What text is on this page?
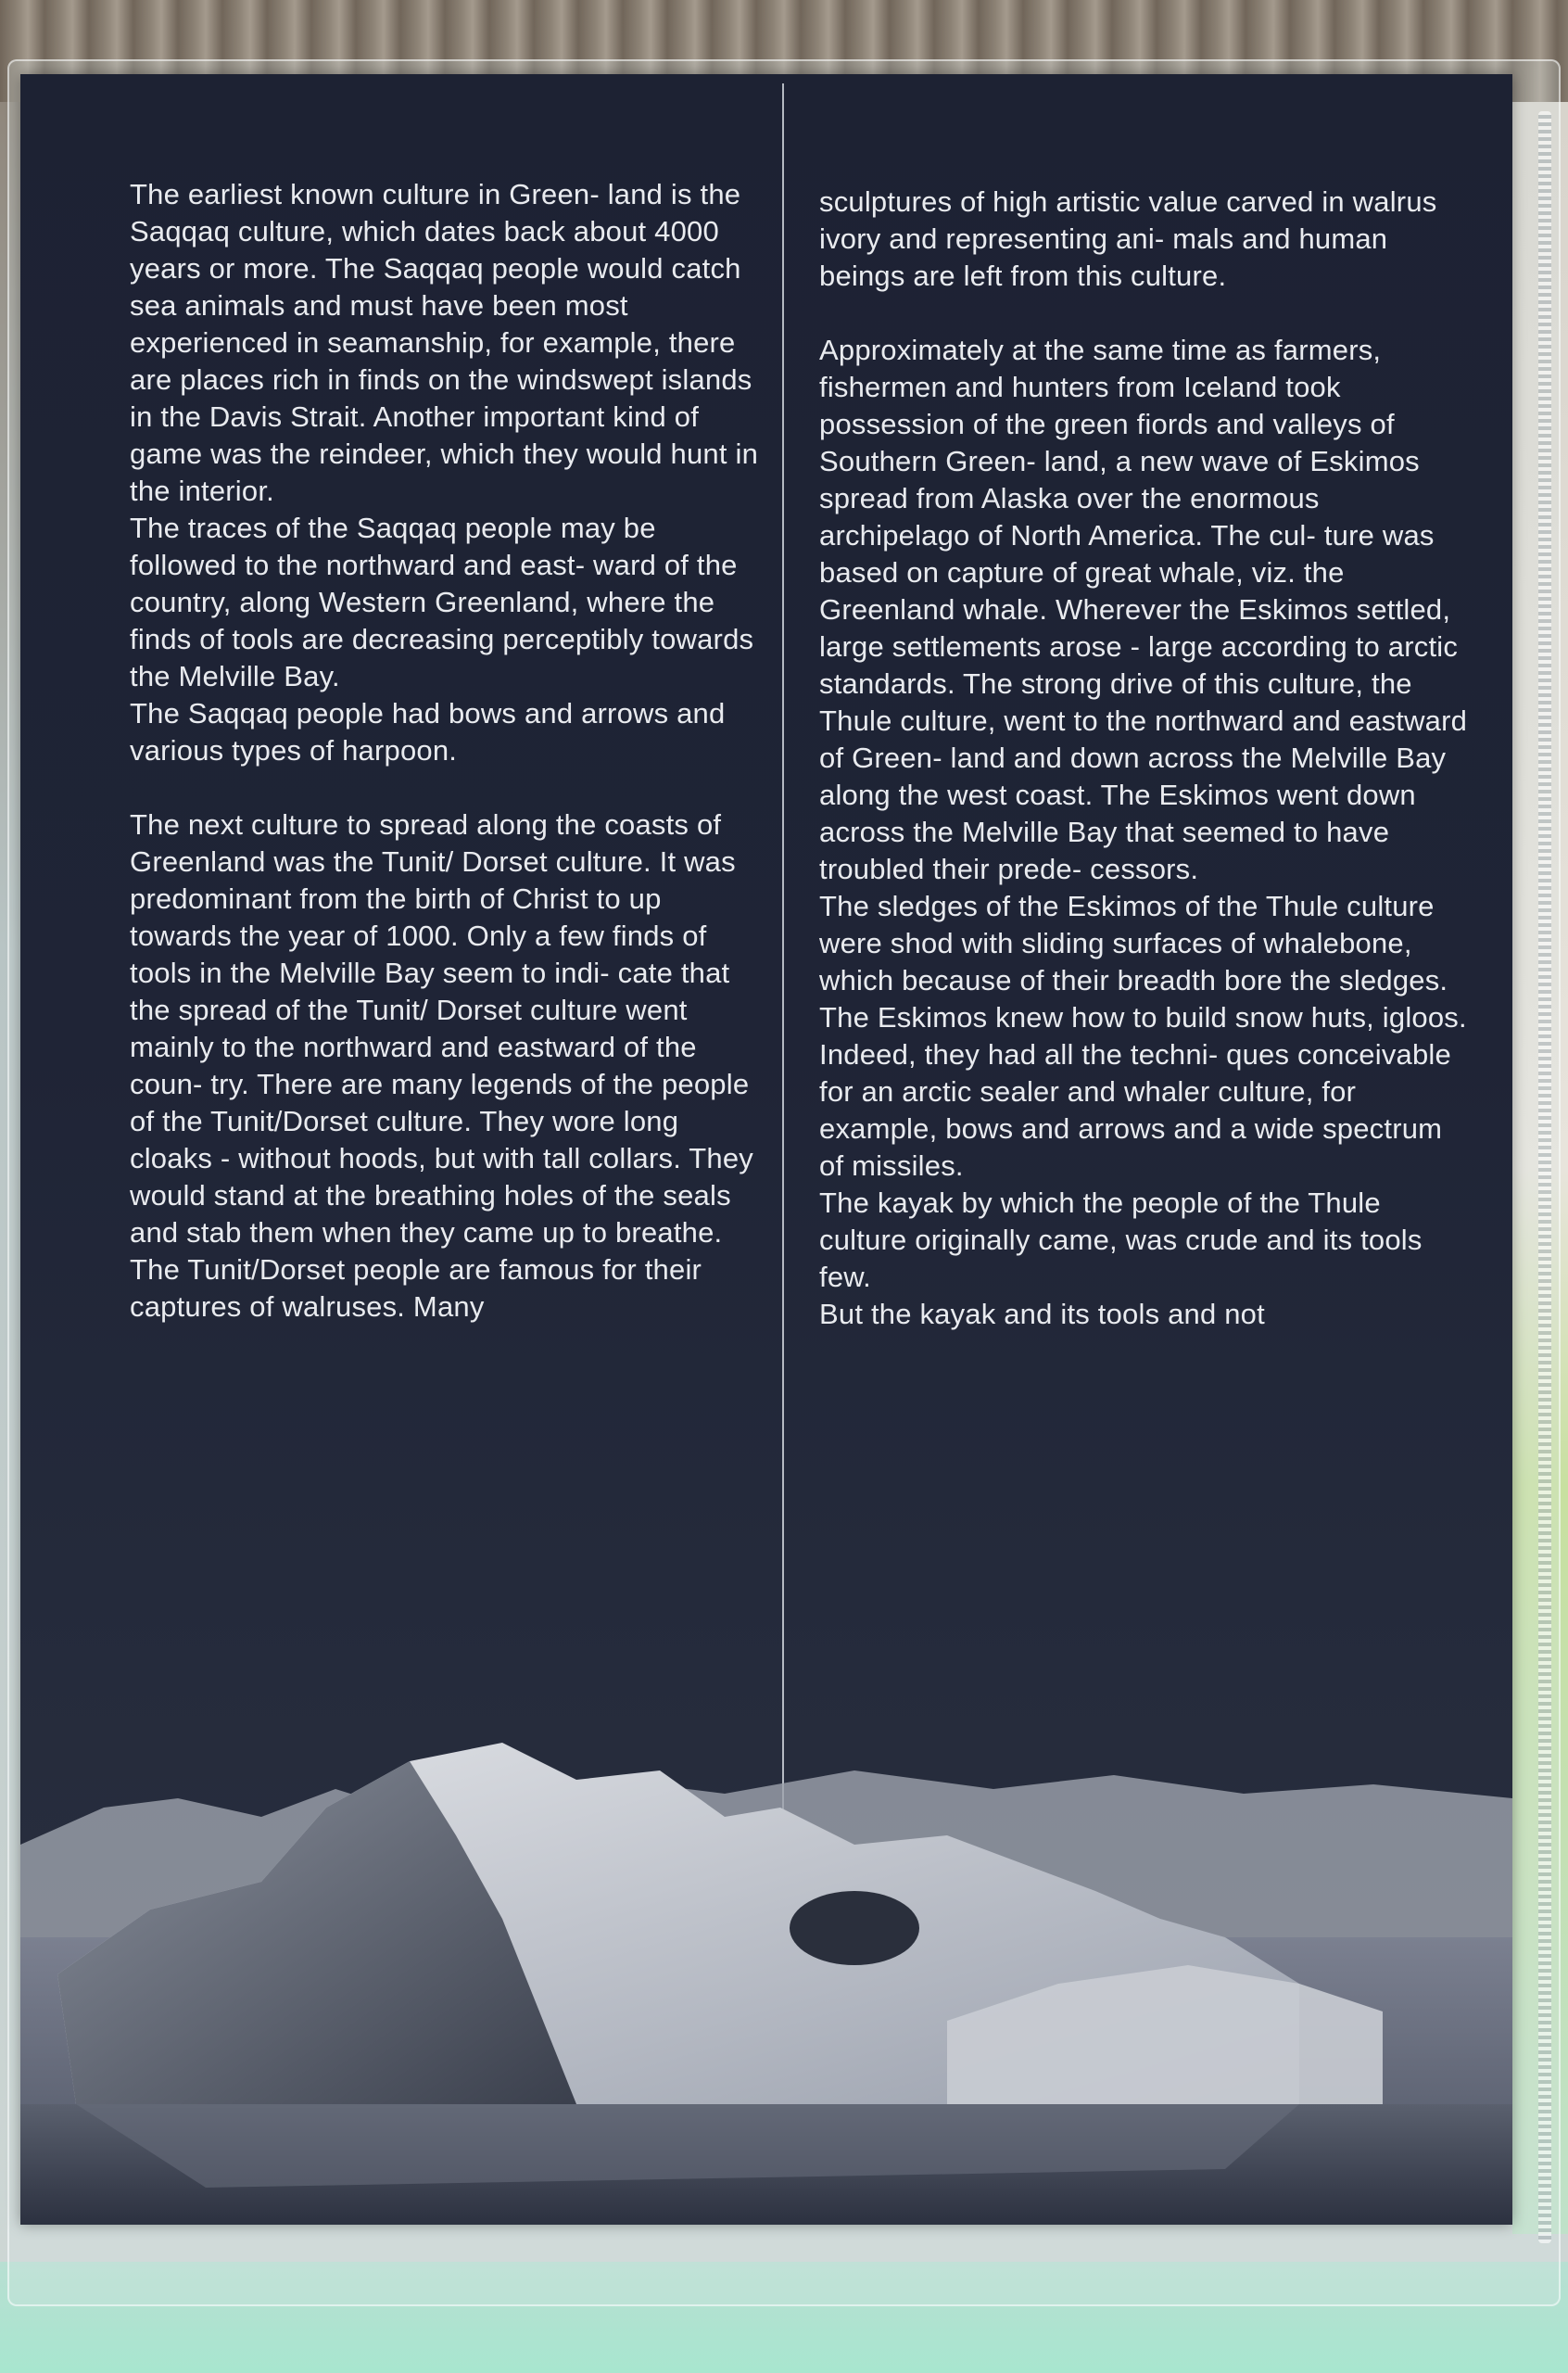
The earliest known culture in Green- land is the Saqqaq culture, which dates back about 4000 years or more. The Saqqaq people would catch sea animals and must have been most experienced in seamanship, for example, there are places rich in finds on the windswept islands in the Davis Strait. Another important kind of game was the reindeer, which they would hunt in the interior.

The traces of the Saqqaq people may be followed to the northward and east- ward of the country, along Western Greenland, where the finds of tools are decreasing perceptibly towards the Melville Bay.

The Saqqaq people had bows and arrows and various types of harpoon.

The next culture to spread along the coasts of Greenland was the Tunit/ Dorset culture. It was predominant from the birth of Christ to up towards the year of 1000. Only a few finds of tools in the Melville Bay seem to indi- cate that the spread of the Tunit/ Dorset culture went mainly to the northward and eastward of the coun- try. There are many legends of the people of the Tunit/Dorset culture. They wore long cloaks - without hoods, but with tall collars. They would stand at the breathing holes of the seals and stab them when they came up to breathe.

The Tunit/Dorset people are famous for their captures of walruses. Many

sculptures of high artistic value carved in walrus ivory and representing ani- mals and human beings are left from this culture.

Approximately at the same time as farmers, fishermen and hunters from Iceland took possession of the green fiords and valleys of Southern Green- land, a new wave of Eskimos spread from Alaska over the enormous archipelago of North America. The cul- ture was based on capture of great whale, viz. the Greenland whale. Wherever the Eskimos settled, large settlements arose - large according to arctic standards. The strong drive of this culture, the Thule culture, went to the northward and eastward of Green- land and down across the Melville Bay along the west coast. The Eskimos went down across the Melville Bay that seemed to have troubled their prede- cessors.

The sledges of the Eskimos of the Thule culture were shod with sliding surfaces of whalebone, which because of their breadth bore the sledges. The Eskimos knew how to build snow huts, igloos. Indeed, they had all the techni- ques conceivable for an arctic sealer and whaler culture, for example, bows and arrows and a wide spectrum of missiles.

The kayak by which the people of the Thule culture originally came, was crude and its tools few.

But the kayak and its tools and not
